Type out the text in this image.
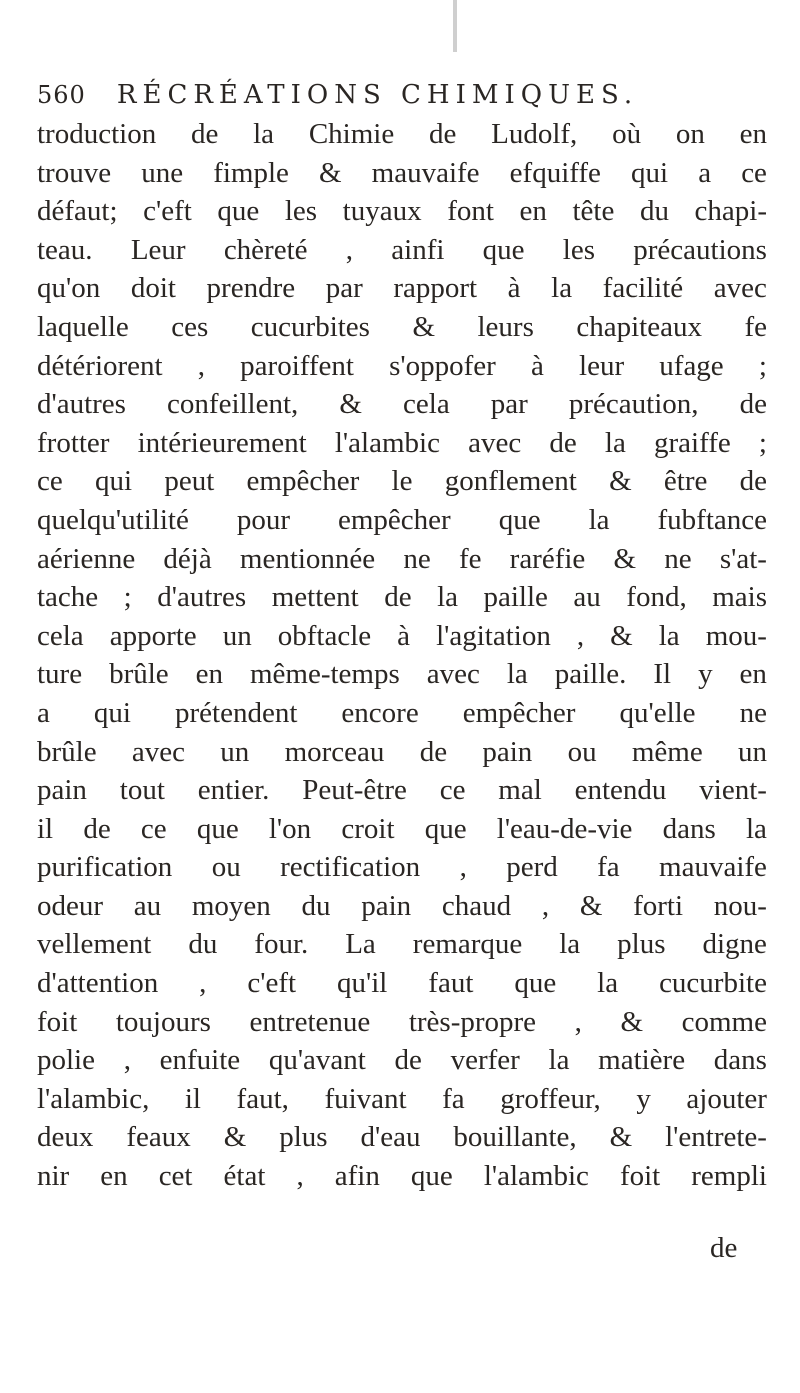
560 RÉCRÉATIONS CHIMIQUES.
troduction de la Chimie de Ludolf, où on en
trouve une fimple & mauvaife efquiffe qui a ce
défaut; c'eft que les tuyaux font en tête du chapi-
teau. Leur chèreté , ainfi que les précautions
qu'on doit prendre par rapport à la facilité avec
laquelle ces cucurbites & leurs chapiteaux fe
détériorent , paroiffent s'oppofer à leur ufage ;
d'autres confeillent, & cela par précaution, de
frotter intérieurement l'alambic avec de la graiffe ;
ce qui peut empêcher le gonflement & être de
quelqu'utilité pour empêcher que la fubftance
aérienne déjà mentionnée ne fe raréfie & ne s'at-
tache ; d'autres mettent de la paille au fond, mais
cela apporte un obftacle à l'agitation , & la mou-
ture brûle en même-temps avec la paille. Il y en
a qui prétendent encore empêcher qu'elle ne
brûle avec un morceau de pain ou même un
pain tout entier. Peut-être ce mal entendu vient-
il de ce que l'on croit que l'eau-de-vie dans la
purification ou rectification , perd fa mauvaife
odeur au moyen du pain chaud , & forti nou-
vellement du four. La remarque la plus digne
d'attention , c'eft qu'il faut que la cucurbite
foit toujours entretenue très-propre , & comme
polie , enfuite qu'avant de verfer la matière dans
l'alambic, il faut, fuivant fa groffeur, y ajouter
deux feaux & plus d'eau bouillante, & l'entrete-
nir en cet état , afin que l'alambic foit rempli
de
